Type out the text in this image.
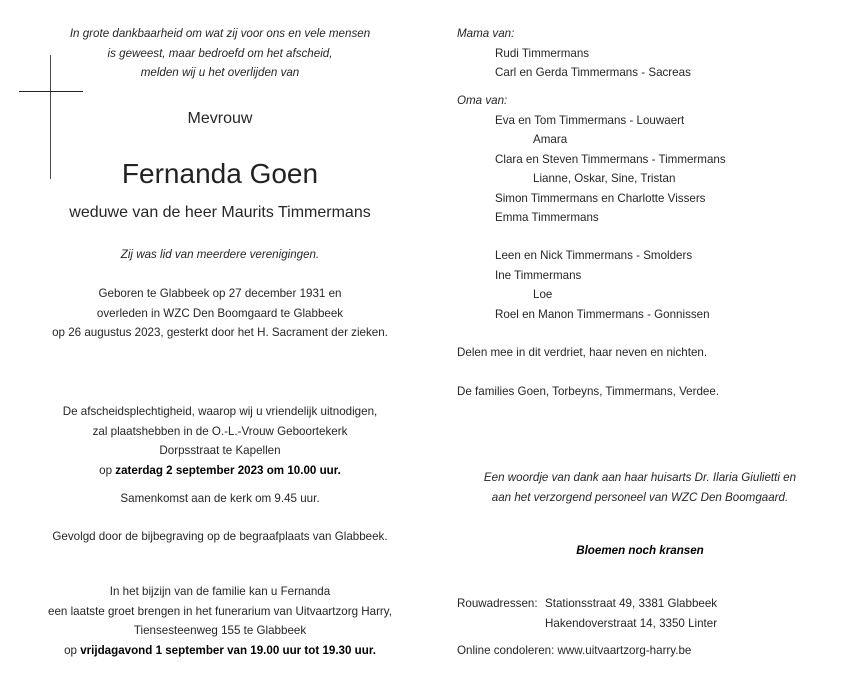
In grote dankbaarheid om wat zij voor ons en vele mensen
is geweest, maar bedroefd om het afscheid,
melden wij u het overlijden van
Mevrouw
Fernanda Goen
weduwe van de heer Maurits Timmermans
Zij was lid van meerdere verenigingen.
Geboren te Glabbeek op 27 december 1931 en
overleden in WZC Den Boomgaard te Glabbeek
op 26 augustus 2023, gesterkt door het H. Sacrament der zieken.
De afscheidsplechtigheid, waarop wij u vriendelijk uitnodigen,
zal plaatshebben in de O.-L.-Vrouw Geboortekerk
Dorpsstraat te Kapellen
op zaterdag 2 september 2023 om 10.00 uur.
Samenkomst aan de kerk om 9.45 uur.
Gevolgd door de bijbegraving op de begraafplaats van Glabbeek.
In het bijzijn van de familie kan u Fernanda
een laatste groet brengen in het funerarium van Uitvaartzorg Harry,
Tiensesteenweg 155 te Glabbeek
op vrijdagavond 1 september van 19.00 uur tot 19.30 uur.
Mama van:
Rudi Timmermans
Carl en Gerda Timmermans - Sacreas
Oma van:
Eva en Tom Timmermans - Louwaert
Amara
Clara en Steven Timmermans - Timmermans
Lianne, Oskar, Sine, Tristan
Simon Timmermans en Charlotte Vissers
Emma Timmermans
Leen en Nick Timmermans - Smolders
Ine Timmermans
Loe
Roel en Manon Timmermans - Gonnissen
Delen mee in dit verdriet, haar neven en nichten.
De families Goen, Torbeyns, Timmermans, Verdee.
Een woordje van dank aan haar huisarts Dr. Ilaria Giulietti en
aan het verzorgend personeel van WZC Den Boomgaard.
Bloemen noch kransen
Rouwadressen: Stationsstraat 49, 3381 Glabbeek
Hakendoverstraat 14, 3350 Linter
Online condoleren: www.uitvaartzorg-harry.be
